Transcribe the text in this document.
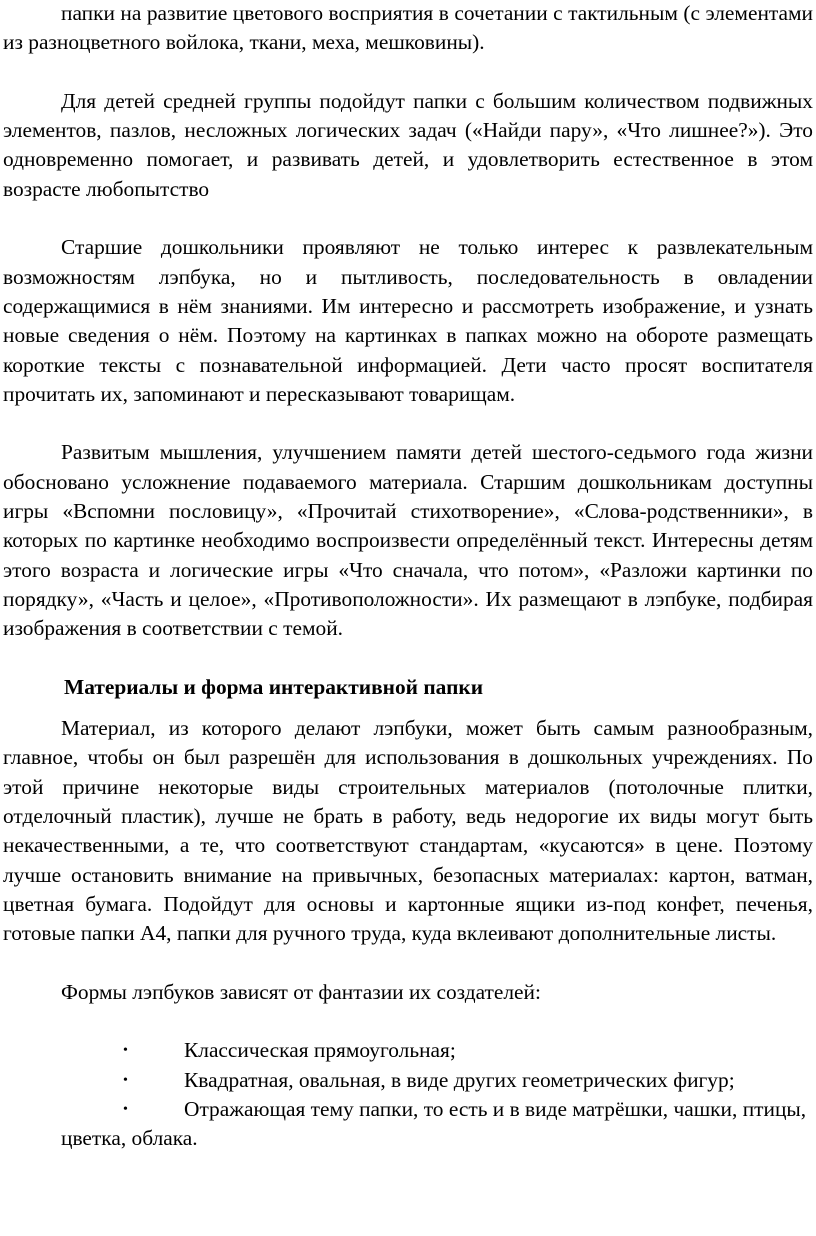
папки на развитие цветового восприятия в сочетании с тактильным (с элементами из разноцветного войлока, ткани, меха, мешковины).

Для детей средней группы подойдут папки с большим количеством подвижных элементов, пазлов, несложных логических задач («Найди пару», «Что лишнее?»). Это одновременно помогает, и развивать детей, и удовлетворить естественное в этом возрасте любопытство

Старшие дошкольники проявляют не только интерес к развлекательным возможностям лэпбука, но и пытливость, последовательность в овладении содержащимися в нём знаниями. Им интересно и рассмотреть изображение, и узнать новые сведения о нём. Поэтому на картинках в папках можно на обороте размещать короткие тексты с познавательной информацией. Дети часто просят воспитателя прочитать их, запоминают и пересказывают товарищам.

Развитым мышления, улучшением памяти детей шестого-седьмого года жизни обосновано усложнение подаваемого материала. Старшим дошкольникам доступны игры «Вспомни пословицу», «Прочитай стихотворение», «Слова-родственники», в которых по картинке необходимо воспроизвести определённый текст. Интересны детям этого возраста и логические игры «Что сначала, что потом», «Разложи картинки по порядку», «Часть и целое», «Противоположности». Их размещают в лэпбуке, подбирая изображения в соответствии с темой.

Материалы и форма интерактивной папки

Материал, из которого делают лэпбуки, может быть самым разнообразным, главное, чтобы он был разрешён для использования в дошкольных учреждениях. По этой причине некоторые виды строительных материалов (потолочные плитки, отделочный пластик), лучше не брать в работу, ведь недорогие их виды могут быть некачественными, а те, что соответствуют стандартам, «кусаются» в цене. Поэтому лучше остановить внимание на привычных, безопасных материалах: картон, ватман, цветная бумага. Подойдут для основы и картонные ящики из-под конфет, печенья, готовые папки А4, папки для ручного труда, куда вклеивают дополнительные листы.

Формы лэпбуков зависят от фантазии их создателей:

•	Классическая прямоугольная;
•	Квадратная, овальная, в виде других геометрических фигур;
•	Отражающая тему папки, то есть и в виде матрёшки, чашки, птицы, цветка, облака.
